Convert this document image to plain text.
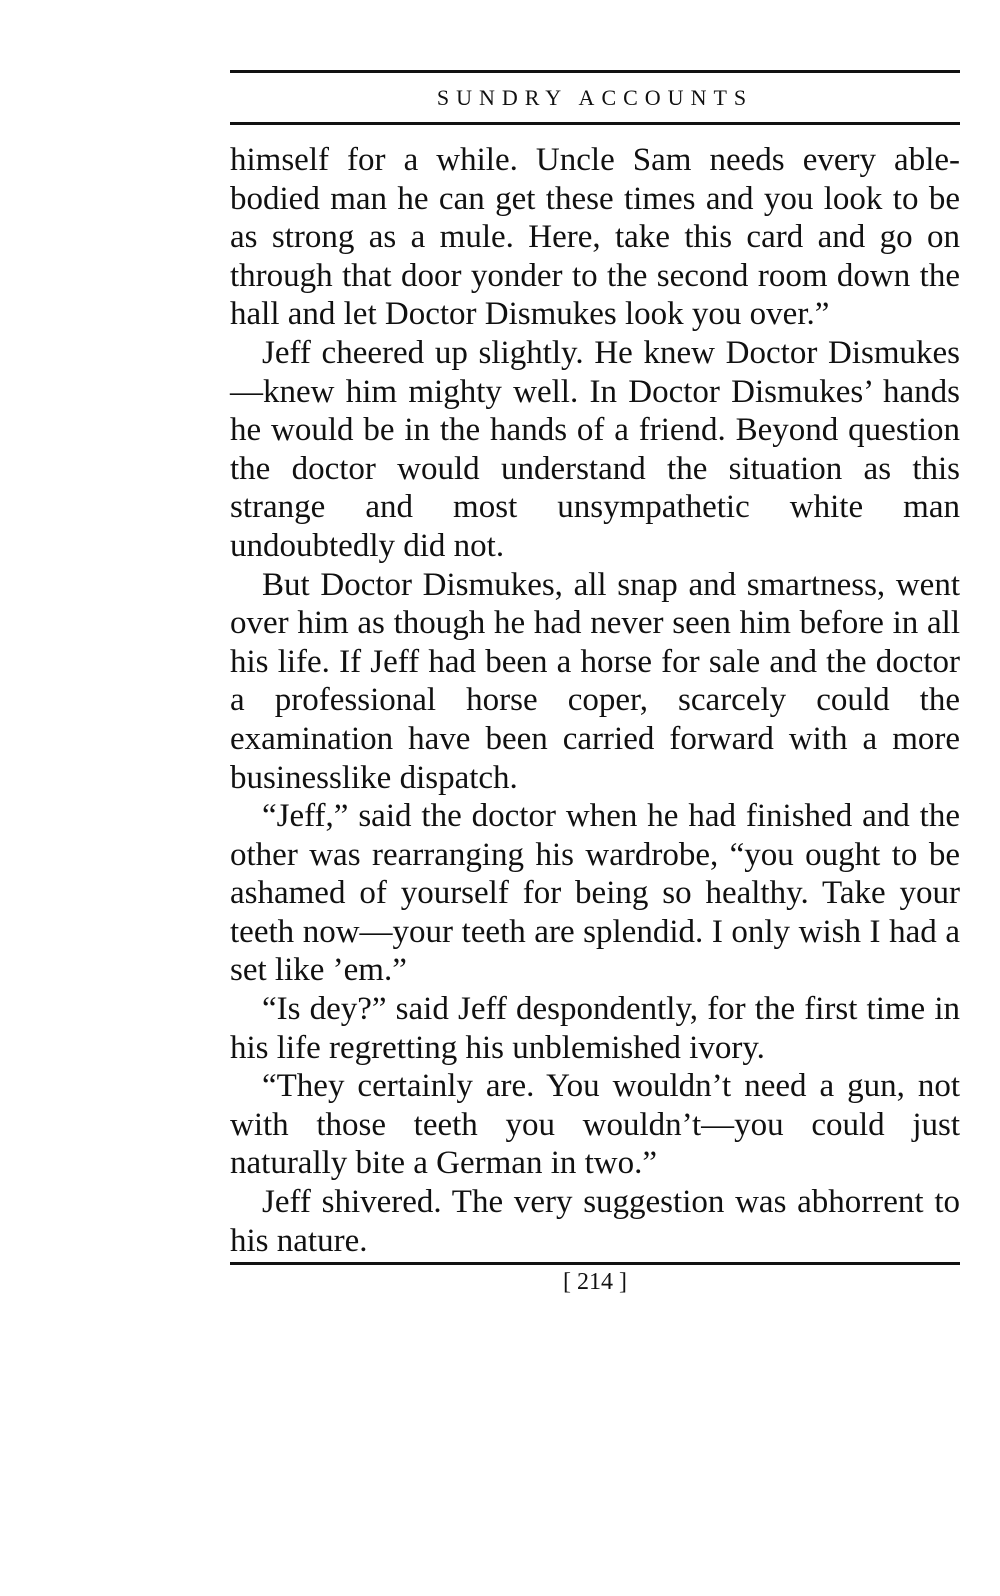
SUNDRY ACCOUNTS

himself for a while. Uncle Sam needs every able-bodied man he can get these times and you look to be as strong as a mule. Here, take this card and go on through that door yonder to the second room down the hall and let Doctor Dismukes look you over.”

Jeff cheered up slightly. He knew Doctor Dismukes—knew him mighty well. In Doctor Dismukes’ hands he would be in the hands of a friend. Beyond question the doctor would understand the situation as this strange and most unsympathetic white man undoubtedly did not.

But Doctor Dismukes, all snap and smartness, went over him as though he had never seen him before in all his life. If Jeff had been a horse for sale and the doctor a professional horse coper, scarcely could the examination have been carried forward with a more businesslike dispatch.

“Jeff,” said the doctor when he had finished and the other was rearranging his wardrobe, “you ought to be ashamed of yourself for being so healthy. Take your teeth now—your teeth are splendid. I only wish I had a set like ’em.”

“Is dey?” said Jeff despondently, for the first time in his life regretting his unblemished ivory.

“They certainly are. You wouldn’t need a gun, not with those teeth you wouldn’t—you could just naturally bite a German in two.”

Jeff shivered. The very suggestion was abhorrent to his nature.

[ 214 ]
